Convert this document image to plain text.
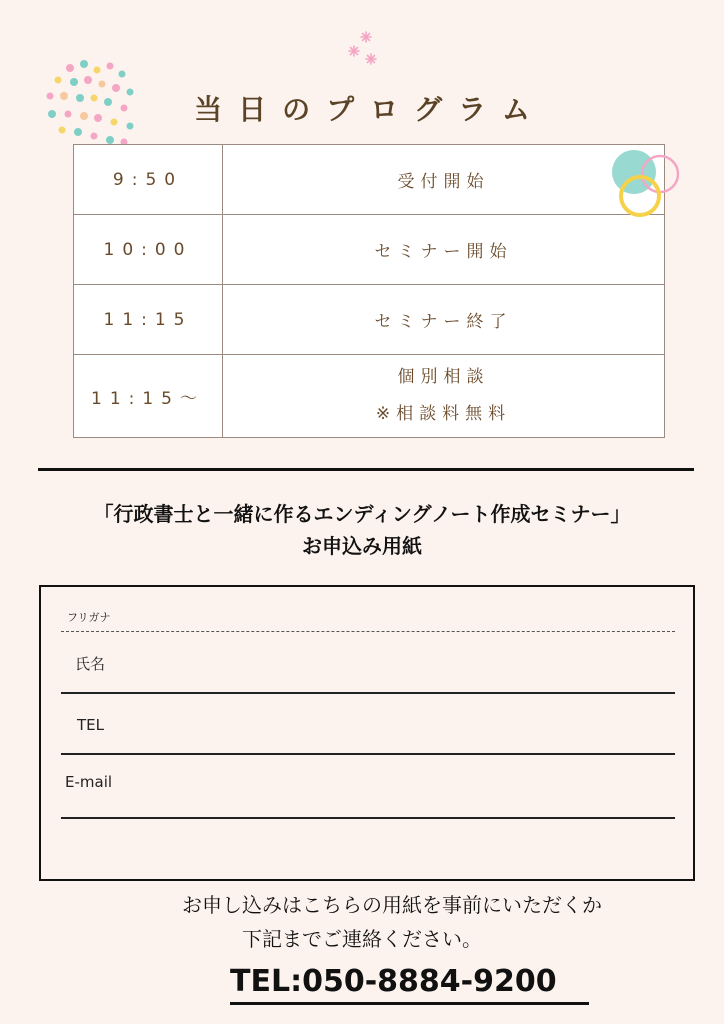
当日のプログラム
9:50	受付開始
10:00	セミナー開始
11:15	セミナー終了
11:15～	個別相談
※相談料無料
「行政書士と一緒に作るエンディングノート作成セミナー」
お申込み用紙
フリガナ
氏名
TEL
E-mail
お申し込みはこちらの用紙を事前にいただくか
下記までご連絡ください。
TEL:050-8884-9200
